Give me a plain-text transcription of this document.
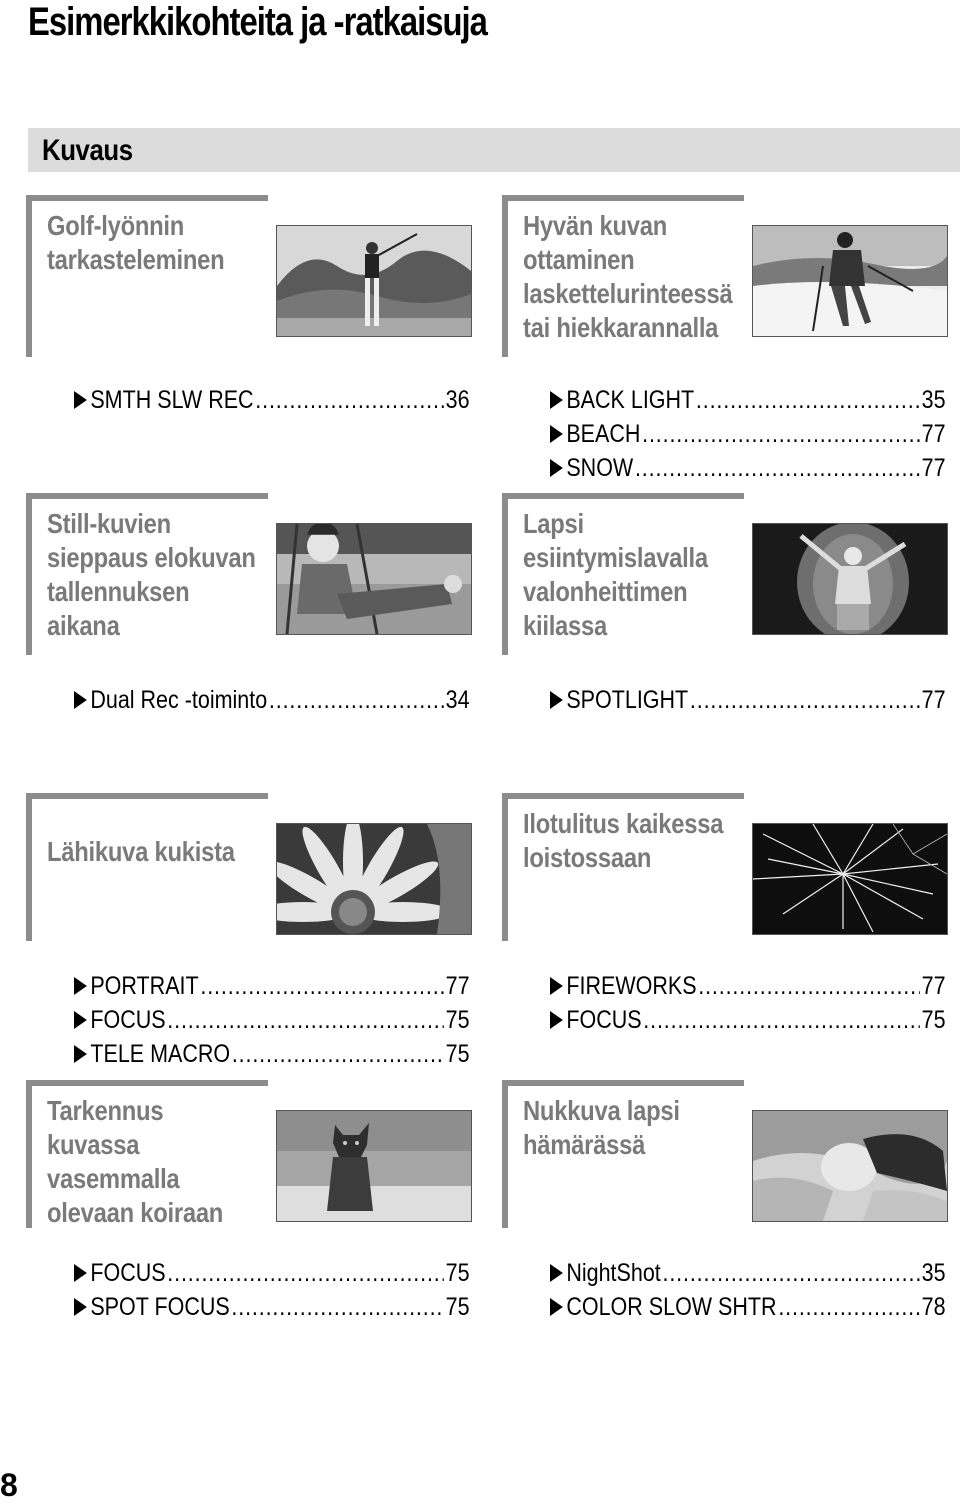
Esimerkkikohteita ja -ratkaisuja
Kuvaus
Golf-lyönnin
tarkasteleminen
SMTH SLW REC .....	36
Hyvän kuvan
ottaminen
laskettelurinteessä
tai hiekkarannalla
BACK LIGHT .....	35
BEACH .....	77
SNOW .....	77
Still-kuvien
sieppaus elokuvan
tallennuksen
aikana
Dual Rec -toiminto .....	34
Lapsi
esiintymislavalla
valonheittimen
kiilassa
SPOTLIGHT .....	77
Lähikuva kukista
PORTRAIT .....	77
FOCUS .....	75
TELE MACRO .....	75
Ilotulitus kaikessa
loistossaan
FIREWORKS .....	77
FOCUS .....	75
Tarkennus kuvassa
vasemmalla
olevaan koiraan
FOCUS .....	75
SPOT FOCUS .....	75
Nukkuva lapsi
hämärässä
NightShot .....	35
COLOR SLOW SHTR .....	78
8
